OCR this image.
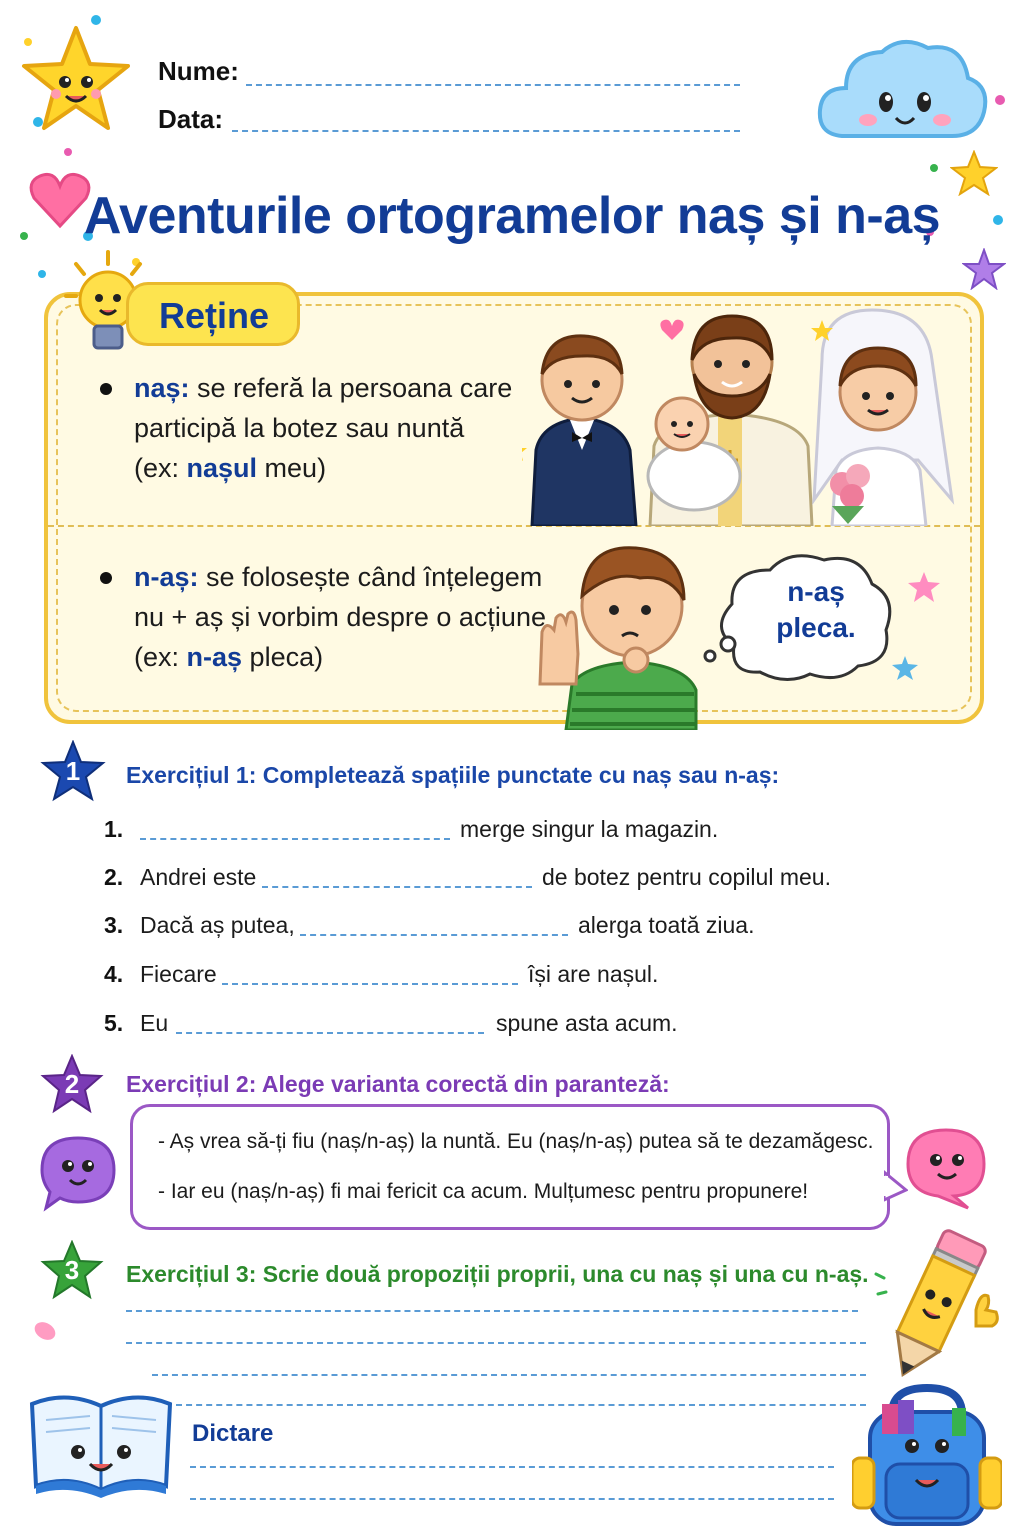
Nume:
Data:
Aventurile ortogramelor naș și n-aș
Reține
naș: se referă la persoana care
participă la botez sau nuntă
(ex: nașul meu)
n-aș: se folosește când înțelegem
nu + aș și vorbim despre o acțiune
(ex: n-aș pleca)
n-aș
pleca.
1 Exercițiul 1: Completează spațiile punctate cu naș sau n-aș:
1.	merge singur la magazin.
2. Andrei este	de botez pentru copilul meu.
3. Dacă aș putea,	alerga toată ziua.
4. Fiecare	își are nașul.
5. Eu	spune asta acum.
2 Exercițiul 2: Alege varianta corectă din paranteză:
- Aș vrea să-ți fiu (naș/n-aș) la nuntă. Eu (naș/n-aș) putea să te dezamăgesc.
- Iar eu (naș/n-aș) fi mai fericit ca acum. Mulțumesc pentru propunere!
3 Exercițiul 3: Scrie două propoziții proprii, una cu naș și una cu n-aș.
Dictare
